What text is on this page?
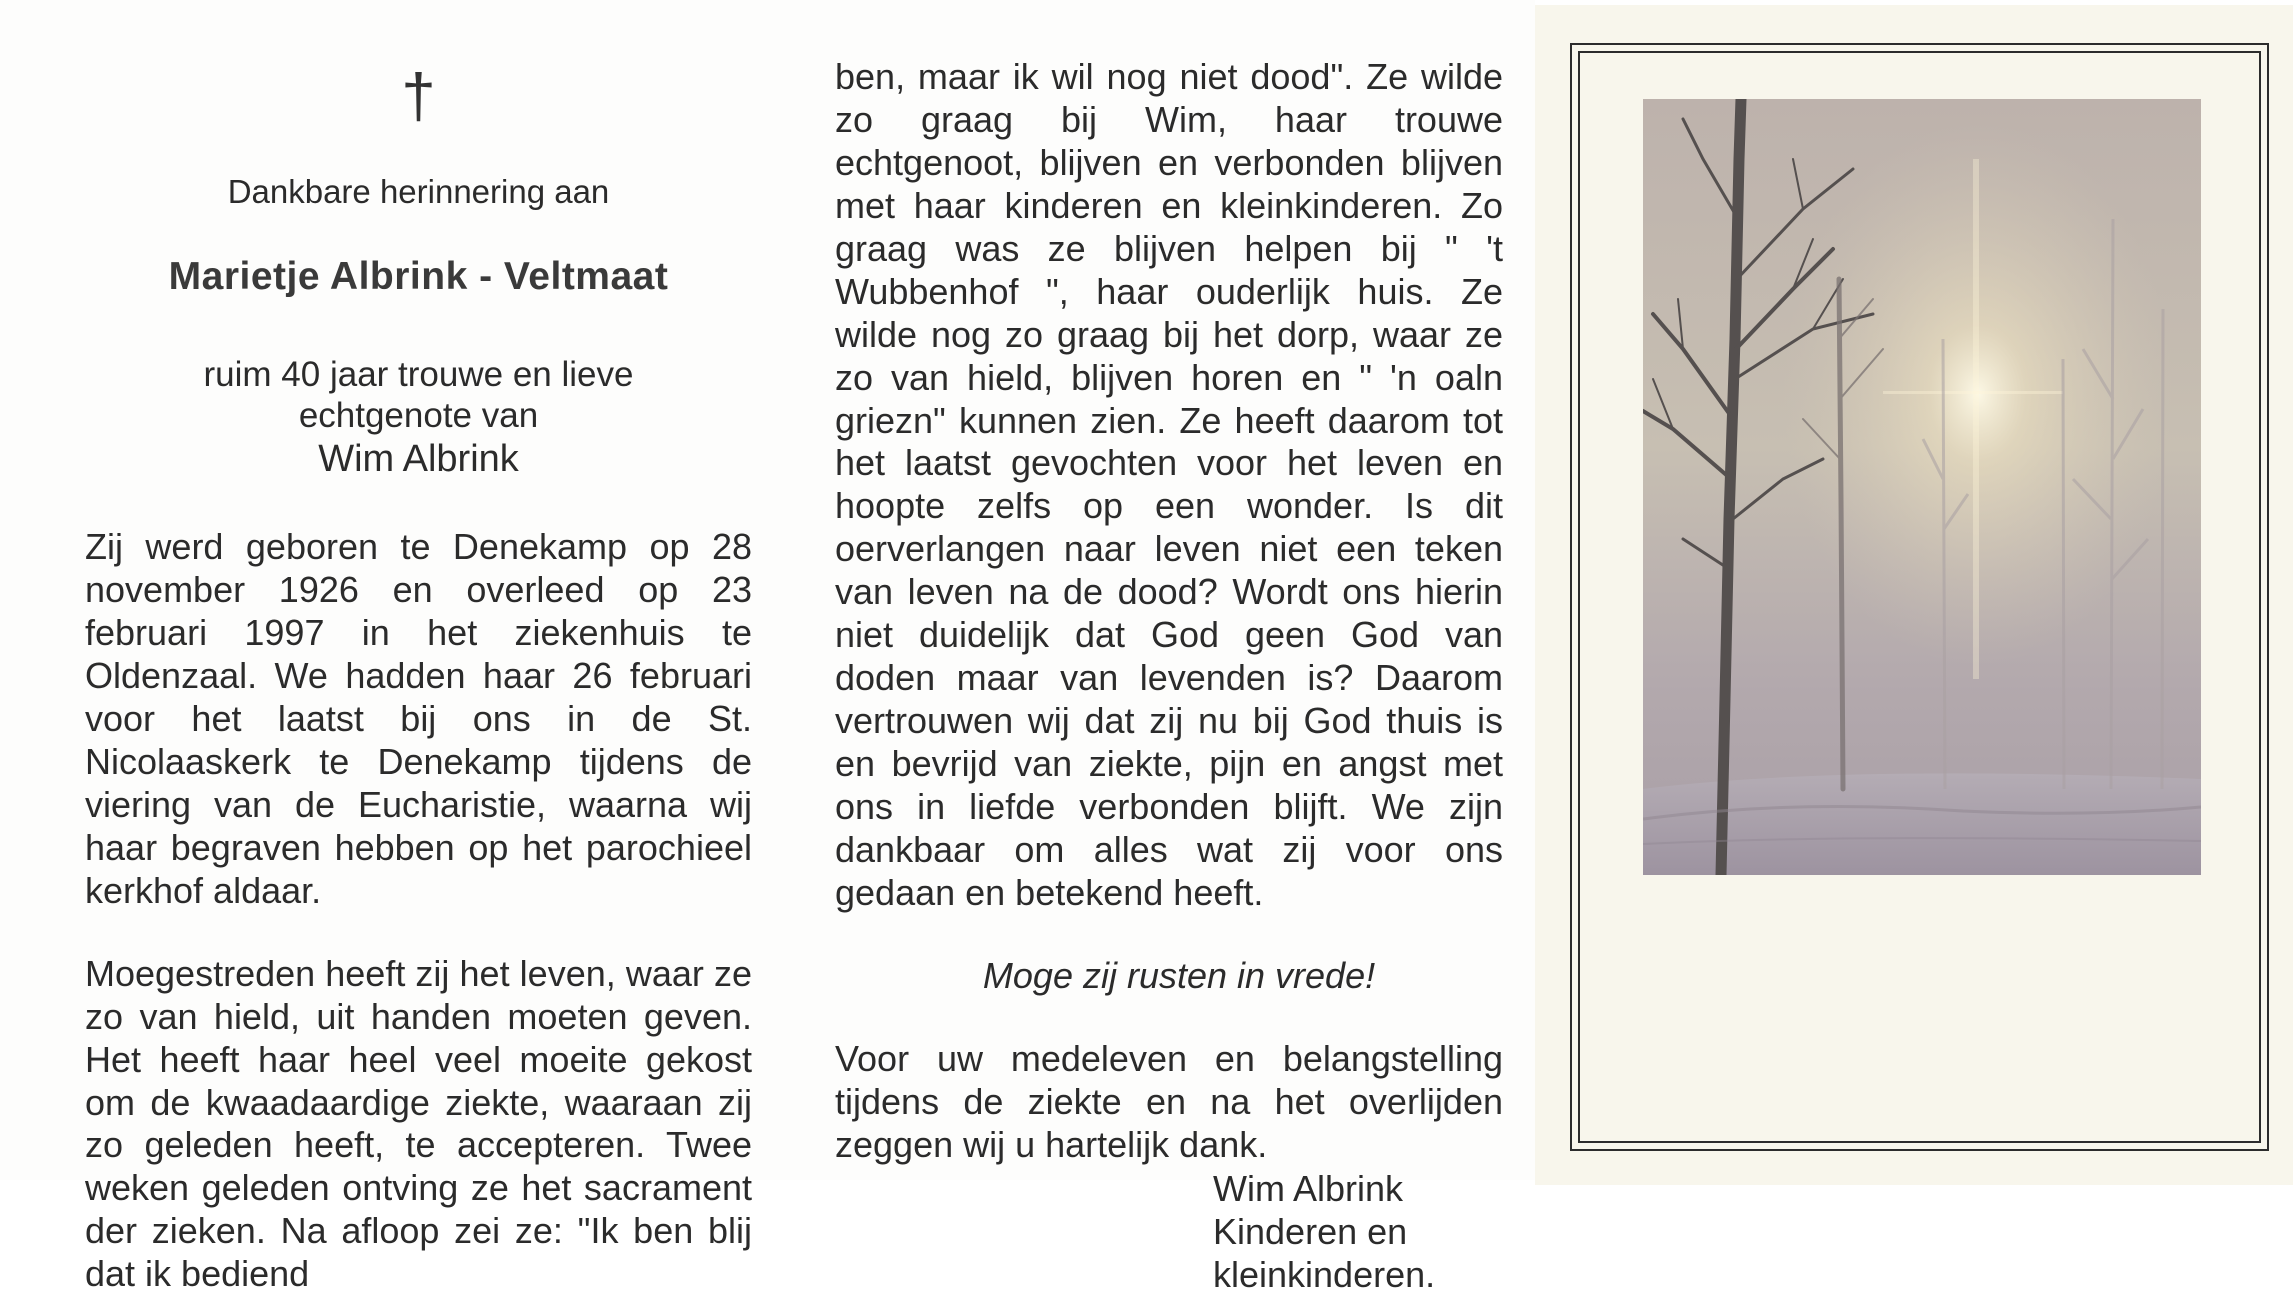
†

Dankbare herinnering aan

Marietje Albrink - Veltmaat

ruim 40 jaar trouwe en lieve

echtgenote van

Wim Albrink

Zij werd geboren te Denekamp op 28 november 1926 en overleed op 23 februari 1997 in het ziekenhuis te Oldenzaal. We hadden haar 26 februari voor het laatst bij ons in de St. Nicolaaskerk te Denekamp tijdens de viering van de Eucharistie, waarna wij haar begraven hebben op het parochieel kerkhof aldaar.

Moegestreden heeft zij het leven, waar ze zo van hield, uit handen moeten geven. Het heeft haar heel veel moeite gekost om de kwaadaardige ziekte, waaraan zij zo geleden heeft, te accepteren. Twee weken geleden ontving ze het sacrament der zieken. Na afloop zei ze: "Ik ben blij dat ik bediend

ben, maar ik wil nog niet dood". Ze wilde zo graag bij Wim, haar trouwe echtgenoot, blijven en verbonden blijven met haar kinderen en kleinkinderen. Zo graag was ze blijven helpen bij " 't Wubbenhof ", haar ouderlijk huis. Ze wilde nog zo graag bij het dorp, waar ze zo van hield, blijven horen en " 'n oaln griezn" kunnen zien. Ze heeft daarom tot het laatst gevochten voor het leven en hoopte zelfs op een wonder. Is dit oerverlangen naar leven niet een teken van leven na de dood? Wordt ons hierin niet duidelijk dat God geen God van doden maar van levenden is? Daarom vertrouwen wij dat zij nu bij God thuis is en bevrijd van ziekte, pijn en angst met ons in liefde verbonden blijft. We zijn dankbaar om alles wat zij voor ons gedaan en betekend heeft.

Moge zij rusten in vrede!

Voor uw medeleven en belangstelling tijdens de ziekte en na het overlijden zeggen wij u hartelijk dank.

Wim Albrink
Kinderen en
kleinkinderen.
